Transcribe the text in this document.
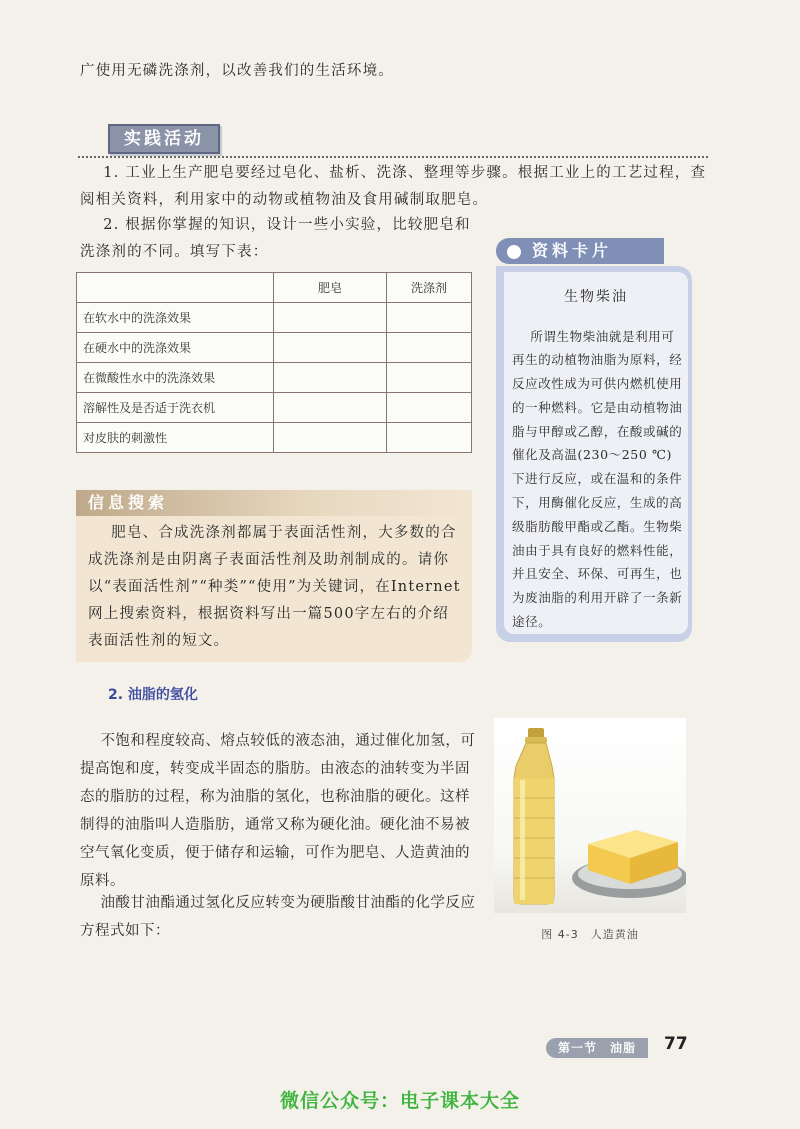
广使用无磷洗涤剂，以改善我们的生活环境。

实践活动

1. 工业上生产肥皂要经过皂化、盐析、洗涤、整理等步骤。根据工业上的工艺过程，查阅相关资料，利用家中的动物或植物油及食用碱制取肥皂。

2. 根据你掌握的知识，设计一些小实验，比较肥皂和洗涤剂的不同。填写下表：

	肥皂	洗涤剂
在软水中的洗涤效果		
在硬水中的洗涤效果		
在微酸性水中的洗涤效果		
溶解性及是否适于洗衣机		
对皮肤的刺激性		
信息搜索

肥皂、合成洗涤剂都属于表面活性剂，大多数的合成洗涤剂是由阴离子表面活性剂及助剂制成的。请你以“表面活性剂”“种类”“使用”为关键词，在Internet网上搜索资料，根据资料写出一篇500字左右的介绍表面活性剂的短文。

资料卡片
生物柴油

所谓生物柴油就是利用可再生的动植物油脂为原料，经反应改性成为可供内燃机使用的一种燃料。它是由动植物油脂与甲醇或乙醇，在酸或碱的催化及高温(230～250 ℃)下进行反应，或在温和的条件下，用酶催化反应，生成的高级脂肪酸甲酯或乙酯。生物柴油由于具有良好的燃料性能，并且安全、环保、可再生，也为废油脂的利用开辟了一条新途径。

2. 油脂的氢化

不饱和程度较高、熔点较低的液态油，通过催化加氢，可提高饱和度，转变成半固态的脂肪。由液态的油转变为半固态的脂肪的过程，称为油脂的氢化，也称油脂的硬化。这样制得的油脂叫人造脂肪，通常又称为硬化油。硬化油不易被空气氧化变质，便于储存和运输，可作为肥皂、人造黄油的原料。

油酸甘油酯通过氢化反应转变为硬脂酸甘油酯的化学反应方程式如下：	图 4-3　人造黄油
第一节　油脂	77
微信公众号：电子课本大全
